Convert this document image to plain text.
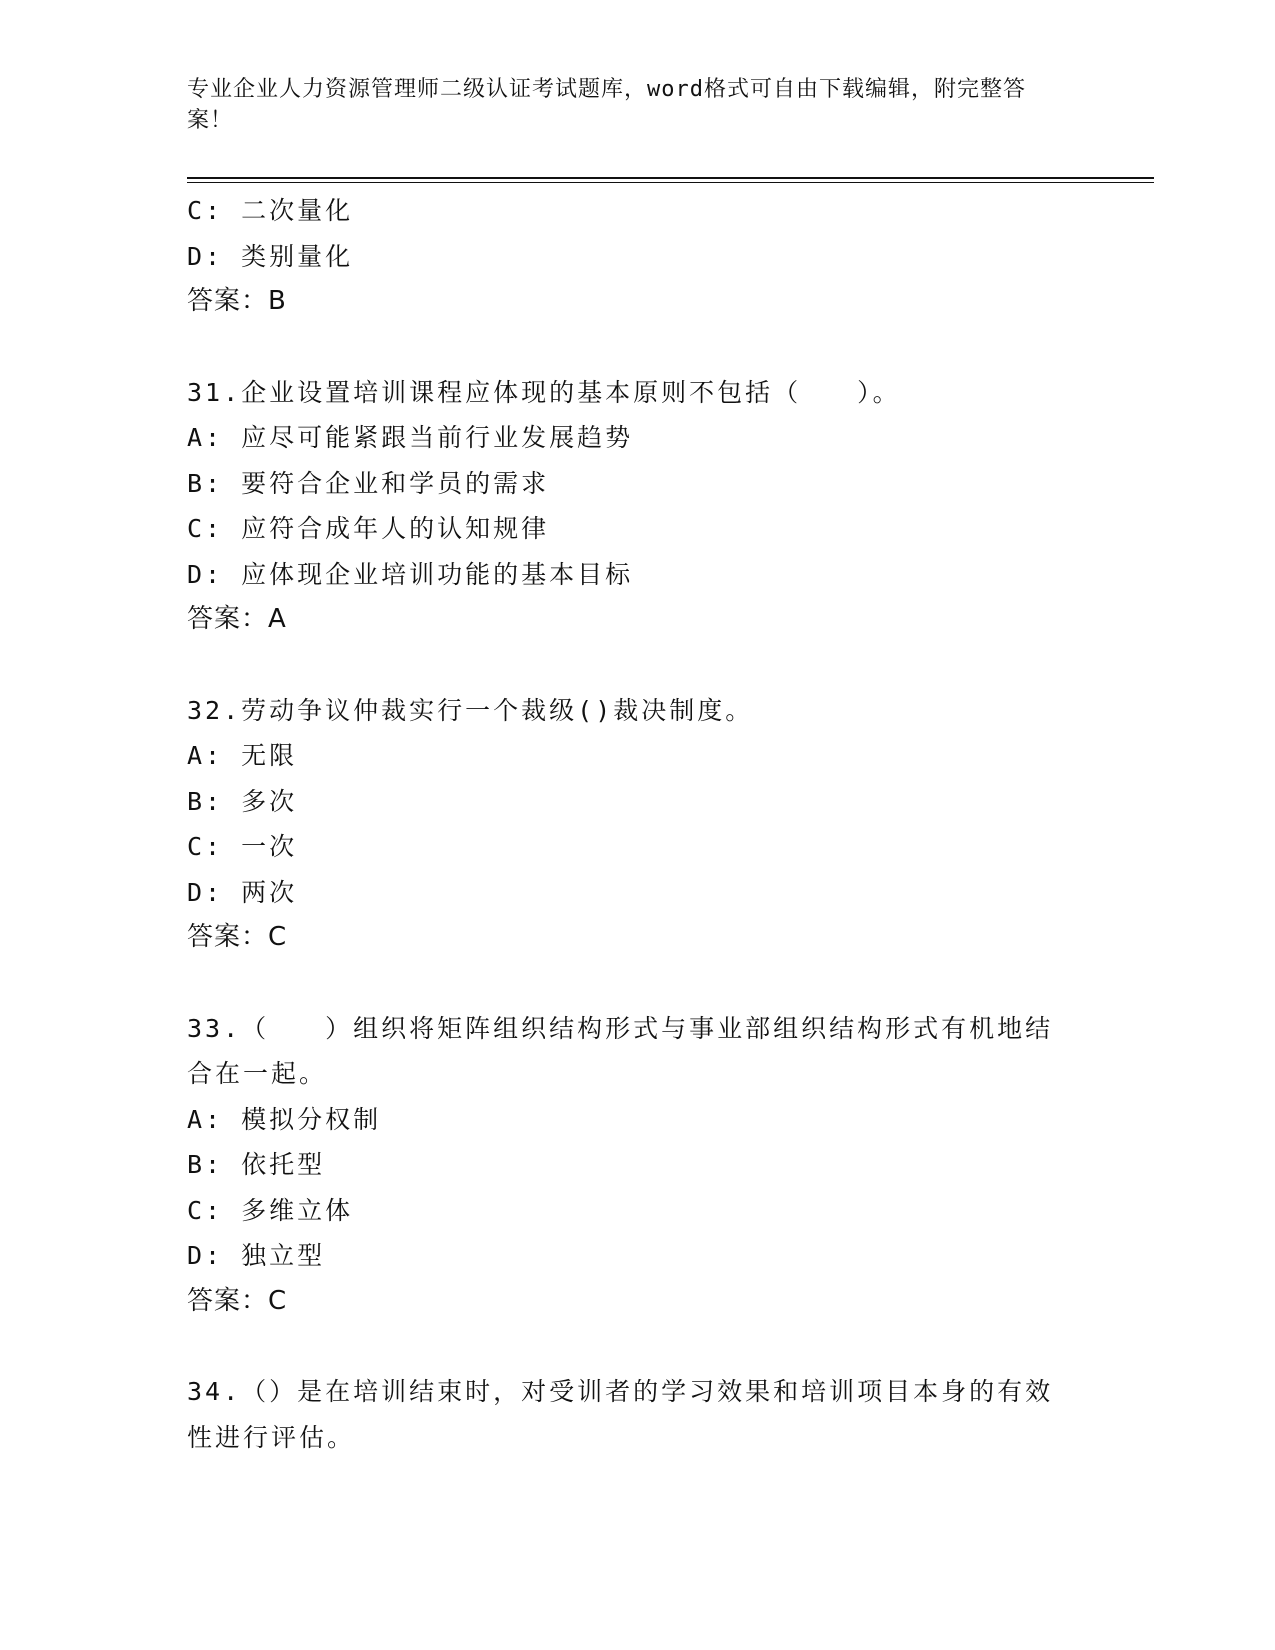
专业企业人力资源管理师二级认证考试题库，word格式可自由下载编辑，附完整答案！
C: 二次量化
D: 类别量化
答案：B
31.企业设置培训课程应体现的基本原则不包括（　　）。
A: 应尽可能紧跟当前行业发展趋势
B: 要符合企业和学员的需求
C: 应符合成年人的认知规律
D: 应体现企业培训功能的基本目标
答案：A
32.劳动争议仲裁实行一个裁级()裁决制度。
A: 无限
B: 多次
C: 一次
D: 两次
答案：C
33.（　　）组织将矩阵组织结构形式与事业部组织结构形式有机地结合在一起。
A: 模拟分权制
B: 依托型
C: 多维立体
D: 独立型
答案：C
34.（）是在培训结束时，对受训者的学习效果和培训项目本身的有效性进行评估。
